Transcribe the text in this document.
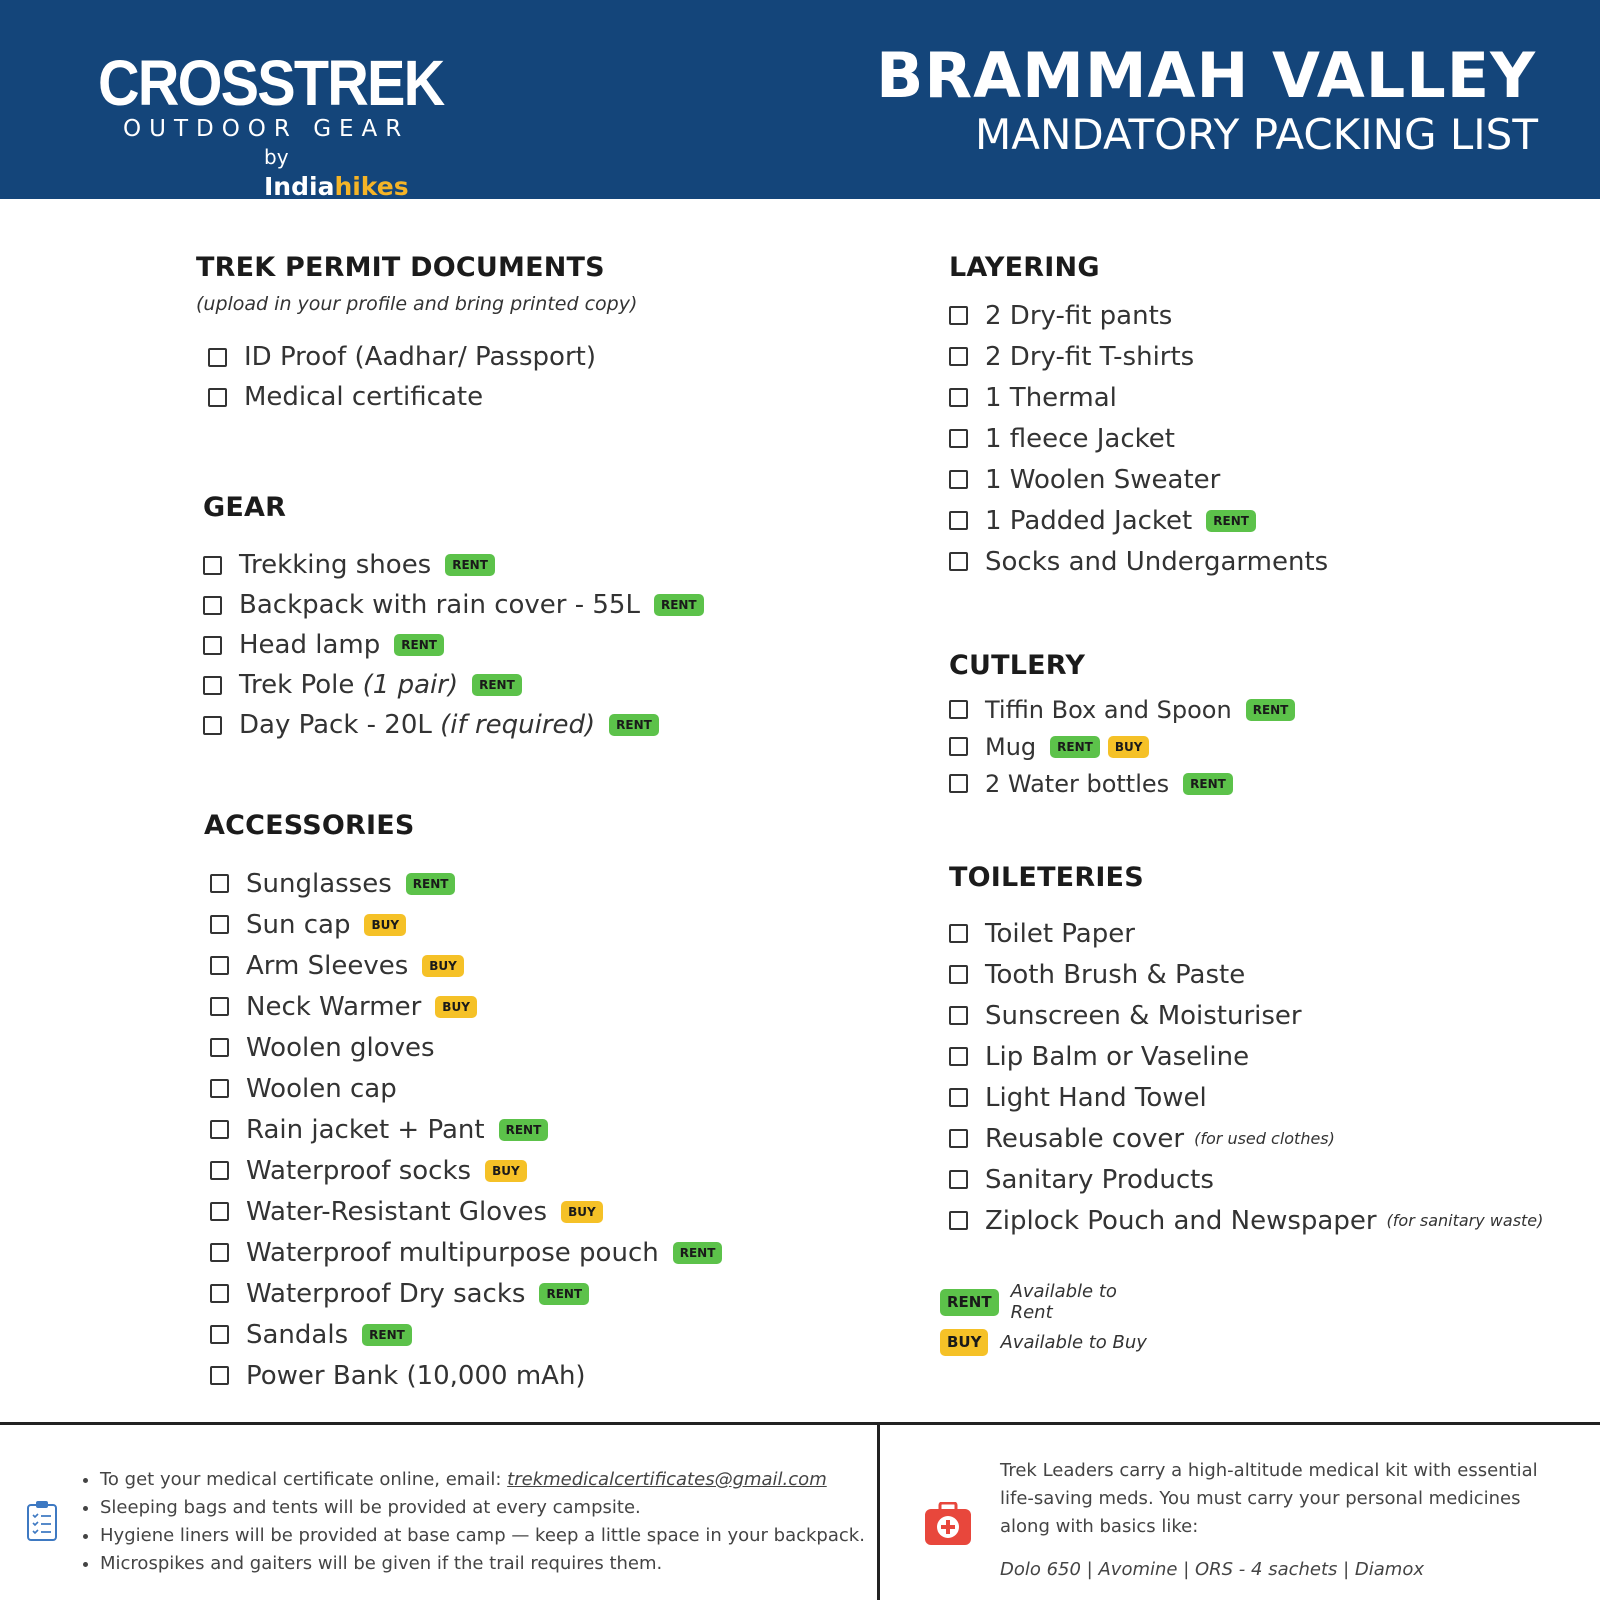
CROSSTREK
OUTDOOR GEAR
by Indiahikes
BRAMMAH VALLEY
MANDATORY PACKING LIST
TREK PERMIT DOCUMENTS
(upload in your profile and bring printed copy)
ID Proof (Aadhar/ Passport)
Medical certificate
GEAR
Trekking shoes	RENT
Backpack with rain cover - 55L	RENT
Head lamp	RENT
Trek Pole
(1 pair)	RENT
Day Pack - 20L
(if required)	RENT
ACCESSORIES
Sunglasses	RENT
Sun cap	BUY
Arm Sleeves	BUY
Neck Warmer	BUY
Woolen gloves
Woolen cap
Rain jacket + Pant	RENT
Waterproof socks	BUY
Water-Resistant Gloves	BUY
Waterproof multipurpose pouch	RENT
Waterproof Dry sacks	RENT
Sandals	RENT
Power Bank (10,000 mAh)
LAYERING
2 Dry-fit pants
2 Dry-fit T-shirts
1 Thermal
1 fleece Jacket
1 Woolen Sweater
1 Padded Jacket	RENT
Socks and Undergarments
CUTLERY
Tiffin Box and Spoon	RENT
Mug	RENT	BUY
2 Water bottles	RENT
TOILETERIES
Toilet Paper
Tooth Brush & Paste
Sunscreen & Moisturiser
Lip Balm or Vaseline
Light Hand Towel
Reusable cover (for used clothes)
Sanitary Products
Ziplock Pouch and Newspaper (for sanitary waste)
RENT	Available to Rent
BUY	Available to Buy
• To get your medical certificate online, email: trekmedicalcertificates@gmail.com
• Sleeping bags and tents will be provided at every campsite.
• Hygiene liners will be provided at base camp — keep a little space in your backpack.
• Microspikes and gaiters will be given if the trail requires them.

Trek Leaders carry a high-altitude medical kit with essential life-saving meds. You must carry your personal medicines along with basics like:

Dolo 650 | Avomine | ORS - 4 sachets | Diamox
